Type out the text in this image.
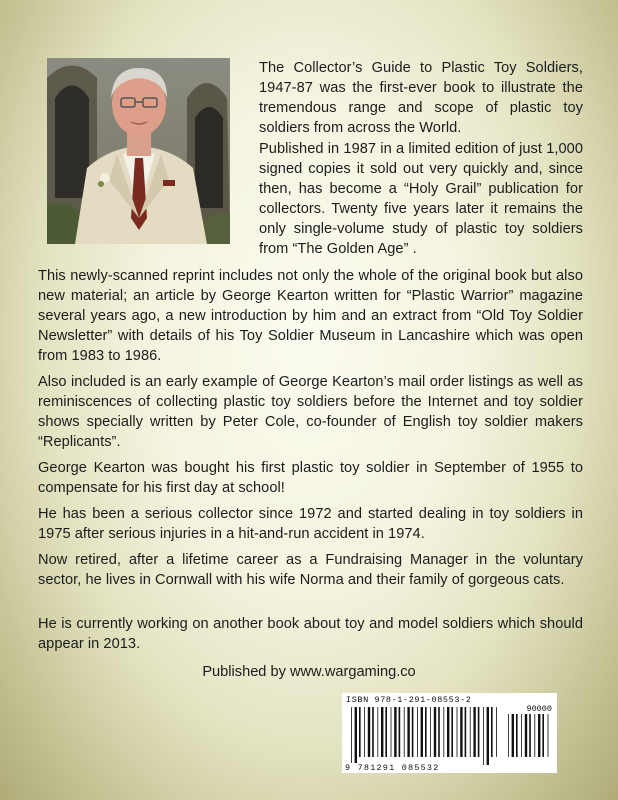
The Collector’s Guide to Plastic Toy Soldiers, 1947-87 was the first-ever book to illustrate the tremendous range and scope of plastic toy soldiers from across the World.

Published in 1987 in a limited edition of just 1,000 signed copies it sold out very quickly and, since then, has become a “Holy Grail” publication for collectors. Twenty five years later it remains the only single-volume study of plastic toy soldiers from “The Golden Age” .

This newly-scanned reprint includes not only the whole of the original book but also new material; an article by George Kearton written for “Plastic Warrior” magazine several years ago, a new introduction by him and an extract from “Old Toy Soldier Newsletter” with details of his Toy Soldier Museum in Lancashire which was open from 1983 to 1986.

Also included is an early example of George Kearton’s mail order listings as well as reminiscences of collecting plastic toy soldiers before the Internet and toy soldier shows specially written by Peter Cole, co-founder of English toy soldier makers “Replicants”.

George Kearton was bought his first plastic toy soldier in September of 1955 to compensate for his first day at school!

He has been a serious collector since 1972 and started dealing in toy soldiers in 1975 after serious injuries in a hit-and-run accident in 1974.

Now retired, after a lifetime career as a Fundraising Manager in the voluntary sector, he lives in Cornwall with his wife Norma and their family of gorgeous cats.

He is currently working on another book about toy and model soldiers which should appear in 2013.

Published by www.wargaming.co

ISBN 978-1-291-08553-2
90000
9 781291 085532
